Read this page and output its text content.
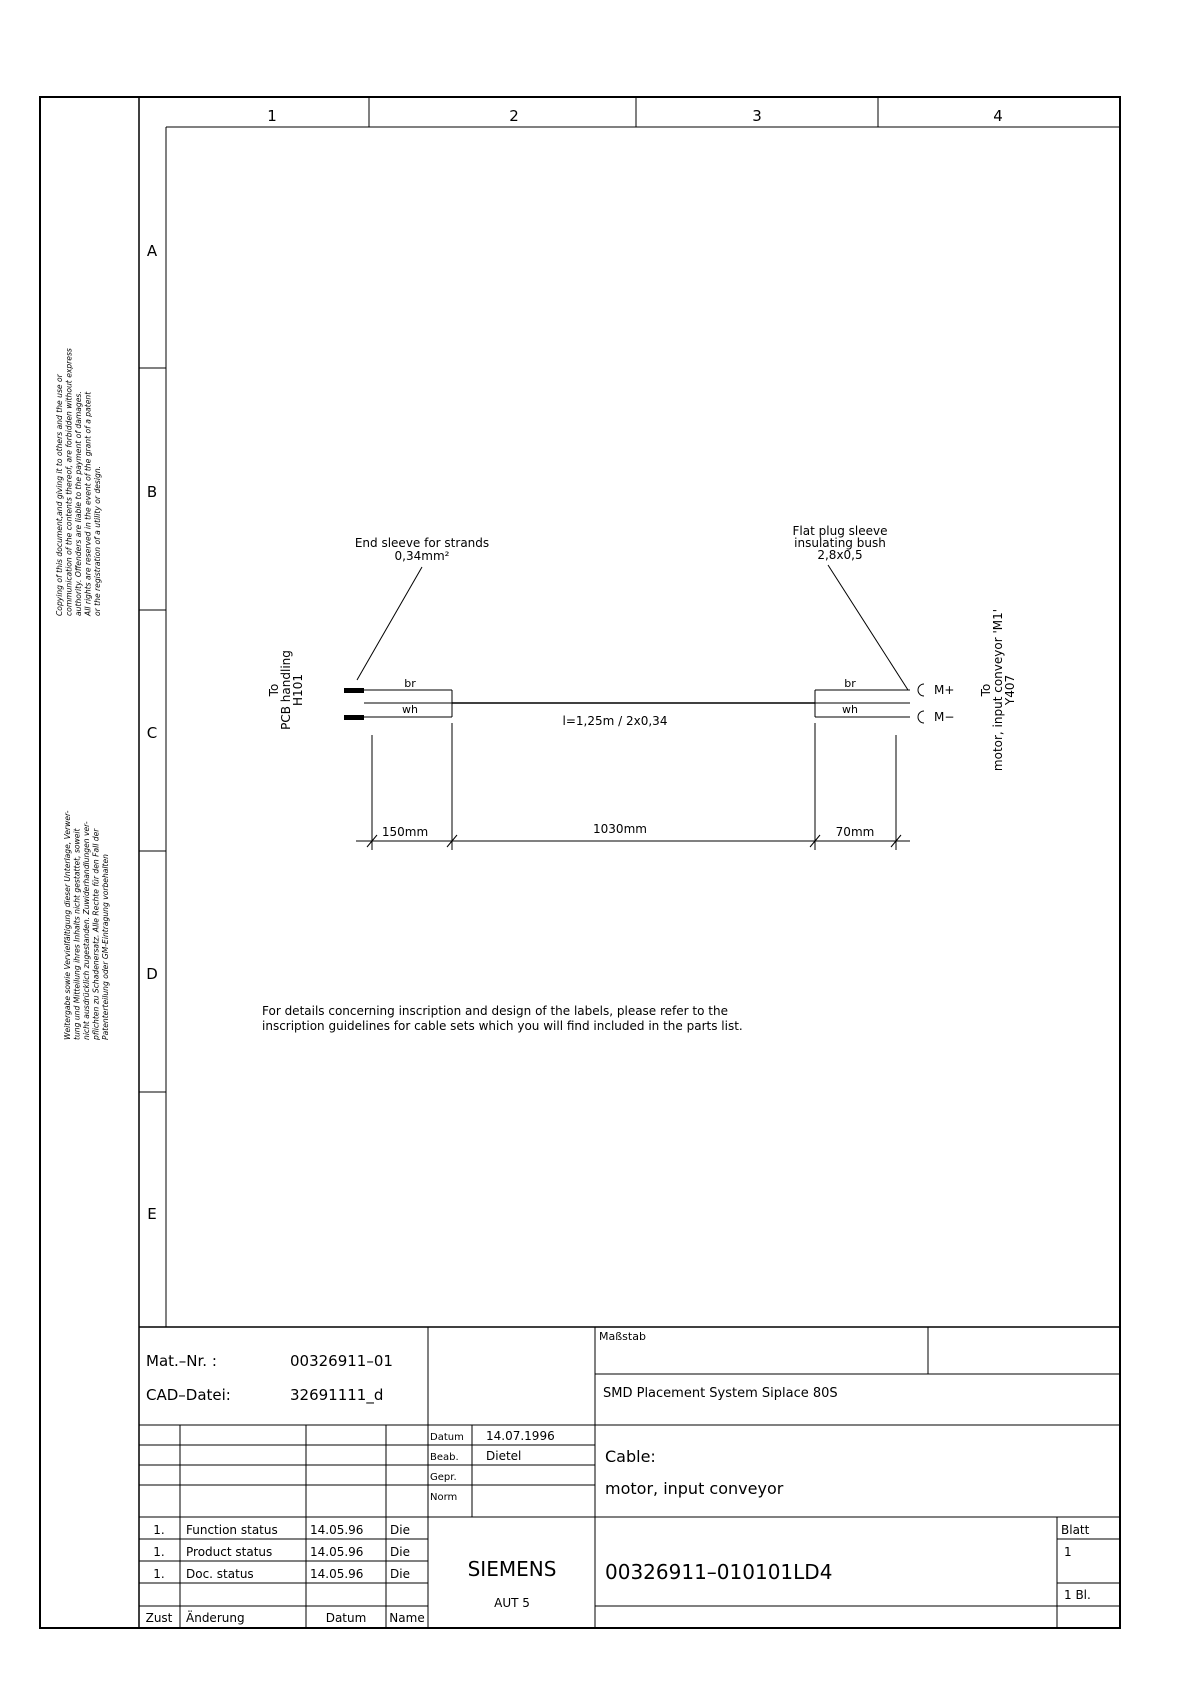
1	2	3	4
A
B
C
D
E
Copying of this document,and giving it to others and the use or communication of the contents thereof, are forbidden without express authority. Offenders are liable to the payment of damages. All rights are reserved in the event of the grant of a patent or the registration of a utility or design.
Weitergabe sowie Vervielfältigung dieser Unterlage, Verwer- tung und Mitteilung ihres Inhalts nicht gestattet, soweit nicht ausdrücklich zugestanden. Zuwiderhandlungen ver- pflichten zu Schadenersatz. Alle Rechte für den Fall der Patenterteilung oder GM-Eintragung vorbehalten
To
PCB handling
H101	To
motor, input conveyor 'M1'
Y407
End sleeve for strands
0,34mm²
Flat plug sleeve
insulating bush
2,8x0,5
br
wh
l=1,25m / 2x0,34
br
wh
M+
M−
150mm	1030mm	70mm
For details concerning inscription and design of the labels, please refer to the
inscription guidelines for cable sets which you will find included in the parts list.
Mat.–Nr. :	00326911–01
CAD–Datei:	32691111_d
Maßstab
SMD Placement System Siplace 80S
Datum 14.07.1996
Beab. Dietel
Gepr.
Norm
Cable:
motor, input conveyor
1. Function status	14.05.96 Die
1. Product status	14.05.96 Die
1. Doc. status	14.05.96 Die
Zust Änderung	Datum Name
SIEMENS
AUT 5
00326911–010101LD4
Blatt
1
1 Bl.
